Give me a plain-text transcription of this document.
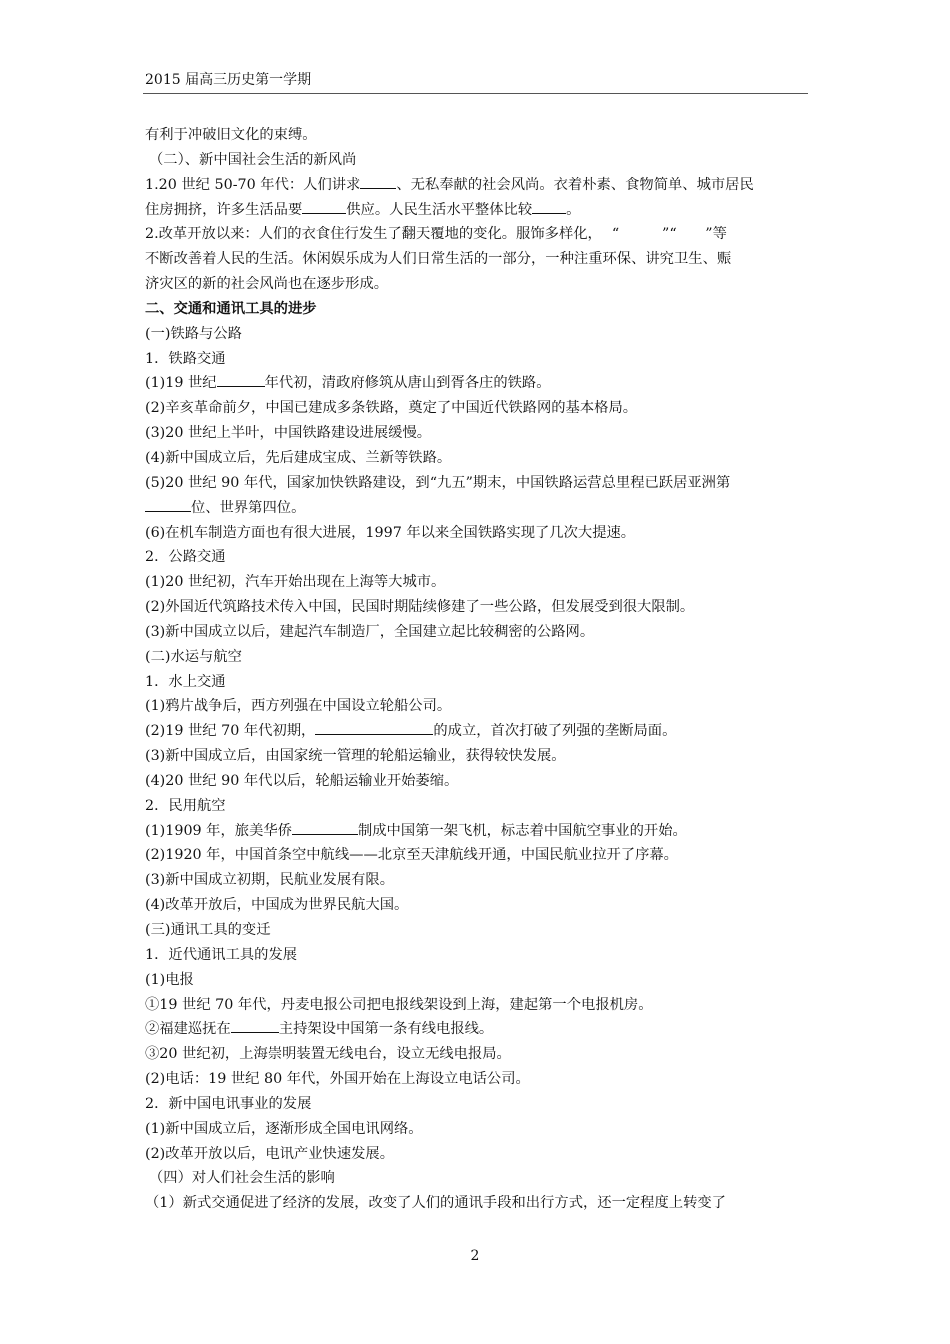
2015 届高三历史第一学期
有利于冲破旧文化的束缚。
（二）、新中国社会生活的新风尚
1.20 世纪 50-70 年代：人们讲求	、无私奉献的社会风尚。衣着朴素、食物简单、城市居民
住房拥挤，许多生活品要	供应。人民生活水平整体比较 。
2.改革开放以来：人们的衣食住行发生了翻天覆地的变化。服饰多样化， “　　　”“　　”等
不断改善着人民的生活。休闲娱乐成为人们日常生活的一部分，一种注重环保、讲究卫生、赈
济灾区的新的社会风尚也在逐步形成。
二、交通和通讯工具的进步
(一)铁路与公路
1．铁路交通
(1)19 世纪	年代初，清政府修筑从唐山到胥各庄的铁路。
(2)辛亥革命前夕，中国已建成多条铁路，奠定了中国近代铁路网的基本格局。
(3)20 世纪上半叶，中国铁路建设进展缓慢。
(4)新中国成立后，先后建成宝成、兰新等铁路。
(5)20 世纪 90 年代，国家加快铁路建设，到“九五”期末，中国铁路运营总里程已跃居亚洲第
位、世界第四位。
(6)在机车制造方面也有很大进展，1997 年以来全国铁路实现了几次大提速。
2．公路交通
(1)20 世纪初，汽车开始出现在上海等大城市。
(2)外国近代筑路技术传入中国，民国时期陆续修建了一些公路，但发展受到很大限制。
(3)新中国成立以后，建起汽车制造厂，全国建立起比较稠密的公路网。
(二)水运与航空
1．水上交通
(1)鸦片战争后，西方列强在中国设立轮船公司。
(2)19 世纪 70 年代初期，	的成立，首次打破了列强的垄断局面。
(3)新中国成立后，由国家统一管理的轮船运输业，获得较快发展。
(4)20 世纪 90 年代以后，轮船运输业开始萎缩。
2．民用航空
(1)1909 年，旅美华侨	制成中国第一架飞机，标志着中国航空事业的开始。
(2)1920 年，中国首条空中航线——北京至天津航线开通，中国民航业拉开了序幕。
(3)新中国成立初期，民航业发展有限。
(4)改革开放后，中国成为世界民航大国。
(三)通讯工具的变迁
1．近代通讯工具的发展
(1)电报
①19 世纪 70 年代，丹麦电报公司把电报线架设到上海，建起第一个电报机房。
②福建巡抚在	主持架设中国第一条有线电报线。
③20 世纪初，上海崇明装置无线电台，设立无线电报局。
(2)电话：19 世纪 80 年代，外国开始在上海设立电话公司。
2．新中国电讯事业的发展
(1)新中国成立后，逐渐形成全国电讯网络。
(2)改革开放以后，电讯产业快速发展。
（四）对人们社会生活的影响
（1）新式交通促进了经济的发展，改变了人们的通讯手段和出行方式，还一定程度上转变了
2
